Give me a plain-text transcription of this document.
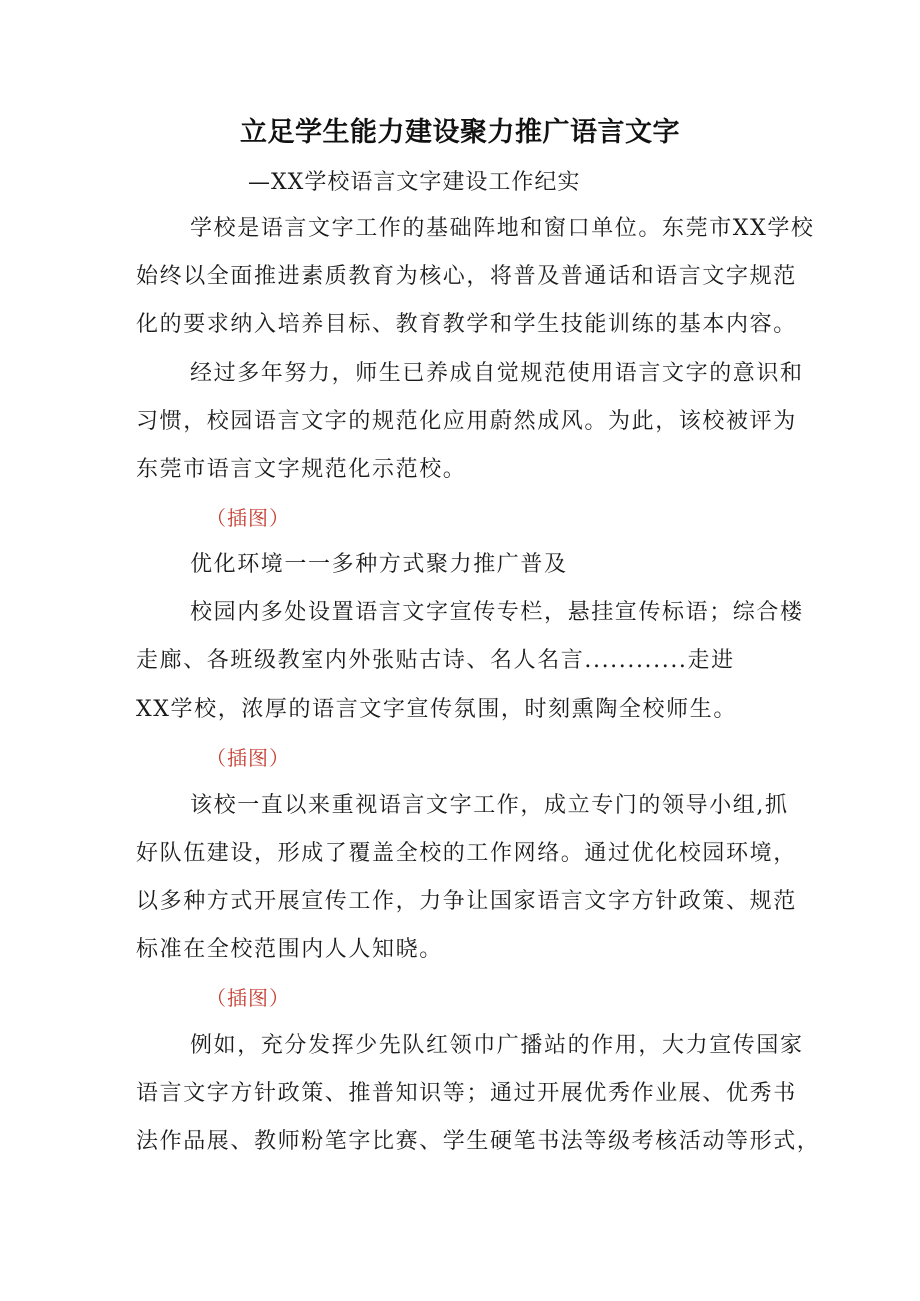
立足学生能力建设聚力推广语言文字
—XX学校语言文字建设工作纪实
学校是语言文字工作的基础阵地和窗口单位。东莞市XX学校
始终以全面推进素质教育为核心，将普及普通话和语言文字规范
化的要求纳入培养目标、教育教学和学生技能训练的基本内容。
经过多年努力，师生已养成自觉规范使用语言文字的意识和
习惯，校园语言文字的规范化应用蔚然成风。为此，该校被评为
东莞市语言文字规范化示范校。
（插图）
优化环境一一多种方式聚力推广普及
校园内多处设置语言文字宣传专栏，悬挂宣传标语；综合楼
走廊、各班级教室内外张贴古诗、名人名言............走进
XX学校，浓厚的语言文字宣传氛围，时刻熏陶全校师生。
（插图）
该校一直以来重视语言文字工作，成立专门的领导小组,抓
好队伍建设，形成了覆盖全校的工作网络。通过优化校园环境，
以多种方式开展宣传工作，力争让国家语言文字方针政策、规范
标准在全校范围内人人知晓。
（插图）
例如，充分发挥少先队红领巾广播站的作用，大力宣传国家
语言文字方针政策、推普知识等；通过开展优秀作业展、优秀书
法作品展、教师粉笔字比赛、学生硬笔书法等级考核活动等形式，
